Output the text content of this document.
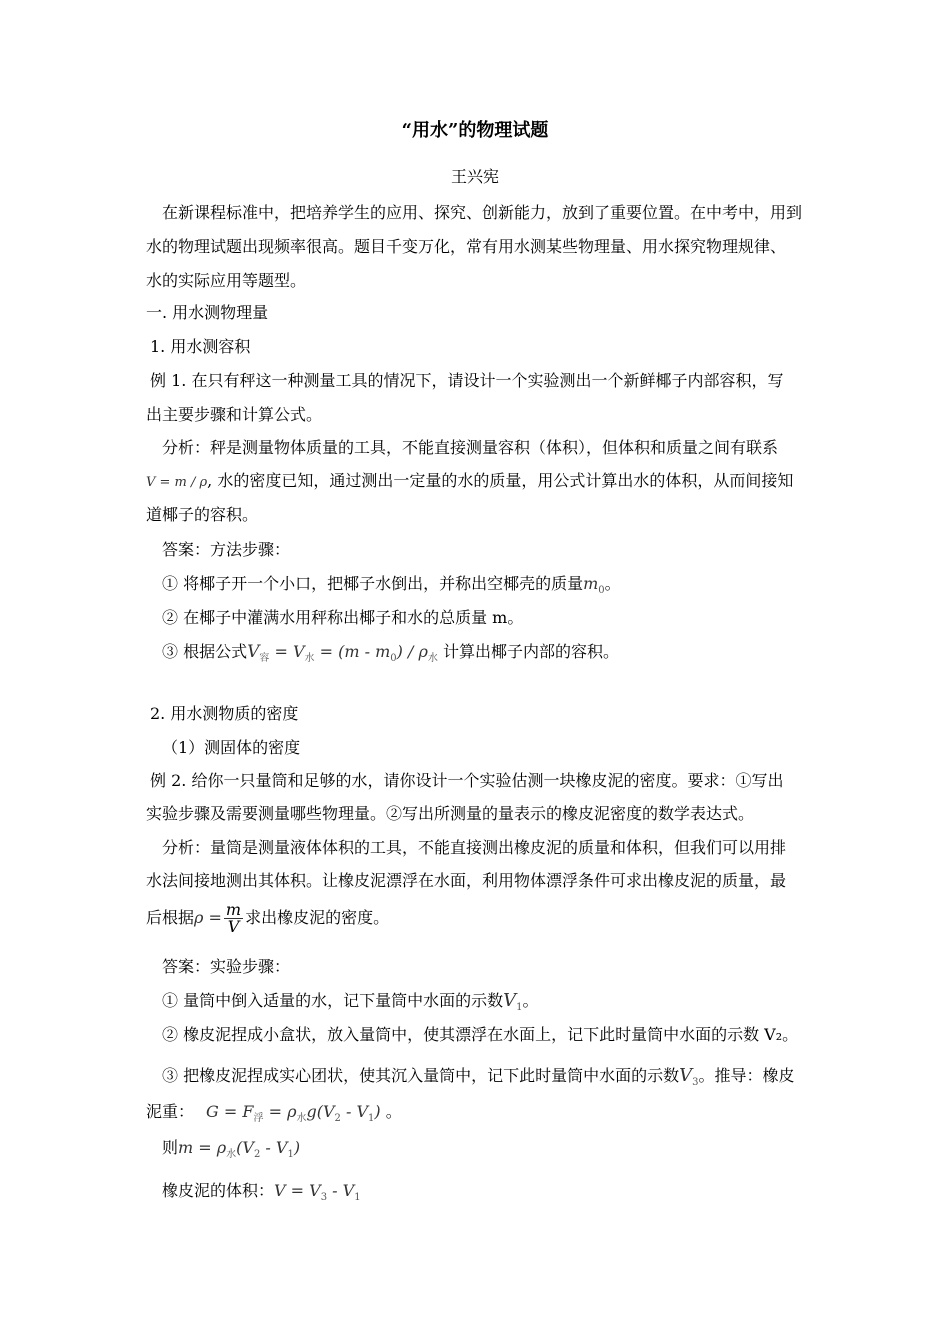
“用水”的物理试题
王兴宪
在新课程标准中，把培养学生的应用、探究、创新能力，放到了重要位置。在中考中，用到
水的物理试题出现频率很高。题目千变万化，常有用水测某些物理量、用水探究物理规律、
水的实际应用等题型。
一. 用水测物理量
1. 用水测容积
例 1. 在只有秤这一种测量工具的情况下，请设计一个实验测出一个新鲜椰子内部容积，写
出主要步骤和计算公式。
分析：秤是测量物体质量的工具，不能直接测量容积（体积），但体积和质量之间有联系
V = m / ρ, 水的密度已知，通过测出一定量的水的质量，用公式计算出水的体积，从而间接知
道椰子的容积。
答案：方法步骤：
① 将椰子开一个小口，把椰子水倒出，并称出空椰壳的质量$m_0$。
② 在椰子中灌满水用秤称出椰子和水的总质量 m。
③ 根据公式$V_容 = V_水 = (m - m_0) / \rho_水$ 计算出椰子内部的容积。
2. 用水测物质的密度
（1）测固体的密度
例 2. 给你一只量筒和足够的水，请你设计一个实验估测一块橡皮泥的密度。要求：①写出
实验步骤及需要测量哪些物理量。②写出所测量的量表示的橡皮泥密度的数学表达式。
分析：量筒是测量液体体积的工具，不能直接测出橡皮泥的质量和体积，但我们可以用排
水法间接地测出其体积。让橡皮泥漂浮在水面，利用物体漂浮条件可求出橡皮泥的质量，最
后根据$\rho = \frac{m}{V}$ 求出橡皮泥的密度。
答案：实验步骤：
① 量筒中倒入适量的水，记下量筒中水面的示数$V_1$。
② 橡皮泥捏成小盒状，放入量筒中，使其漂浮在水面上，记下此时量筒中水面的示数 V₂。
③ 把橡皮泥捏成实心团状，使其沉入量筒中，记下此时量筒中水面的示数$V_3$。推导：橡皮
泥重： $G = F_浮 = \rho_水g(V_2 - V_1)$ 。
则$m = \rho_水(V_2 - V_1)$
橡皮泥的体积：$V = V_3 - V_1$
